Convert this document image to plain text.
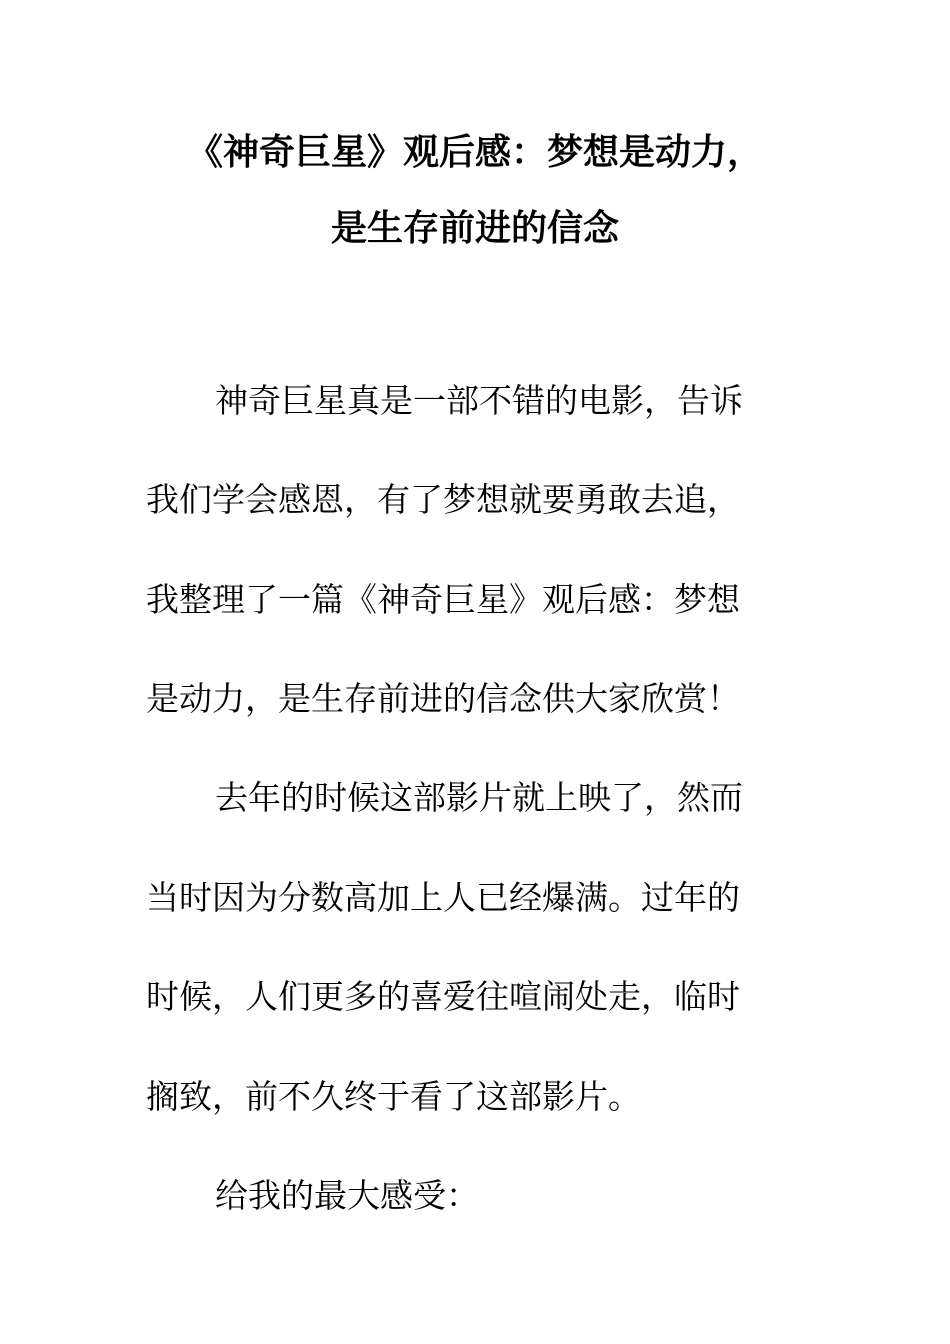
《神奇巨星》观后感：梦想是动力，
是生存前进的信念
神奇巨星真是一部不错的电影，告诉
我们学会感恩，有了梦想就要勇敢去追，
我整理了一篇《神奇巨星》观后感：梦想
是动力，是生存前进的信念供大家欣赏！
去年的时候这部影片就上映了，然而
当时因为分数高加上人已经爆满。过年的
时候，人们更多的喜爱往喧闹处走，临时
搁致，前不久终于看了这部影片。
给我的最大感受：
